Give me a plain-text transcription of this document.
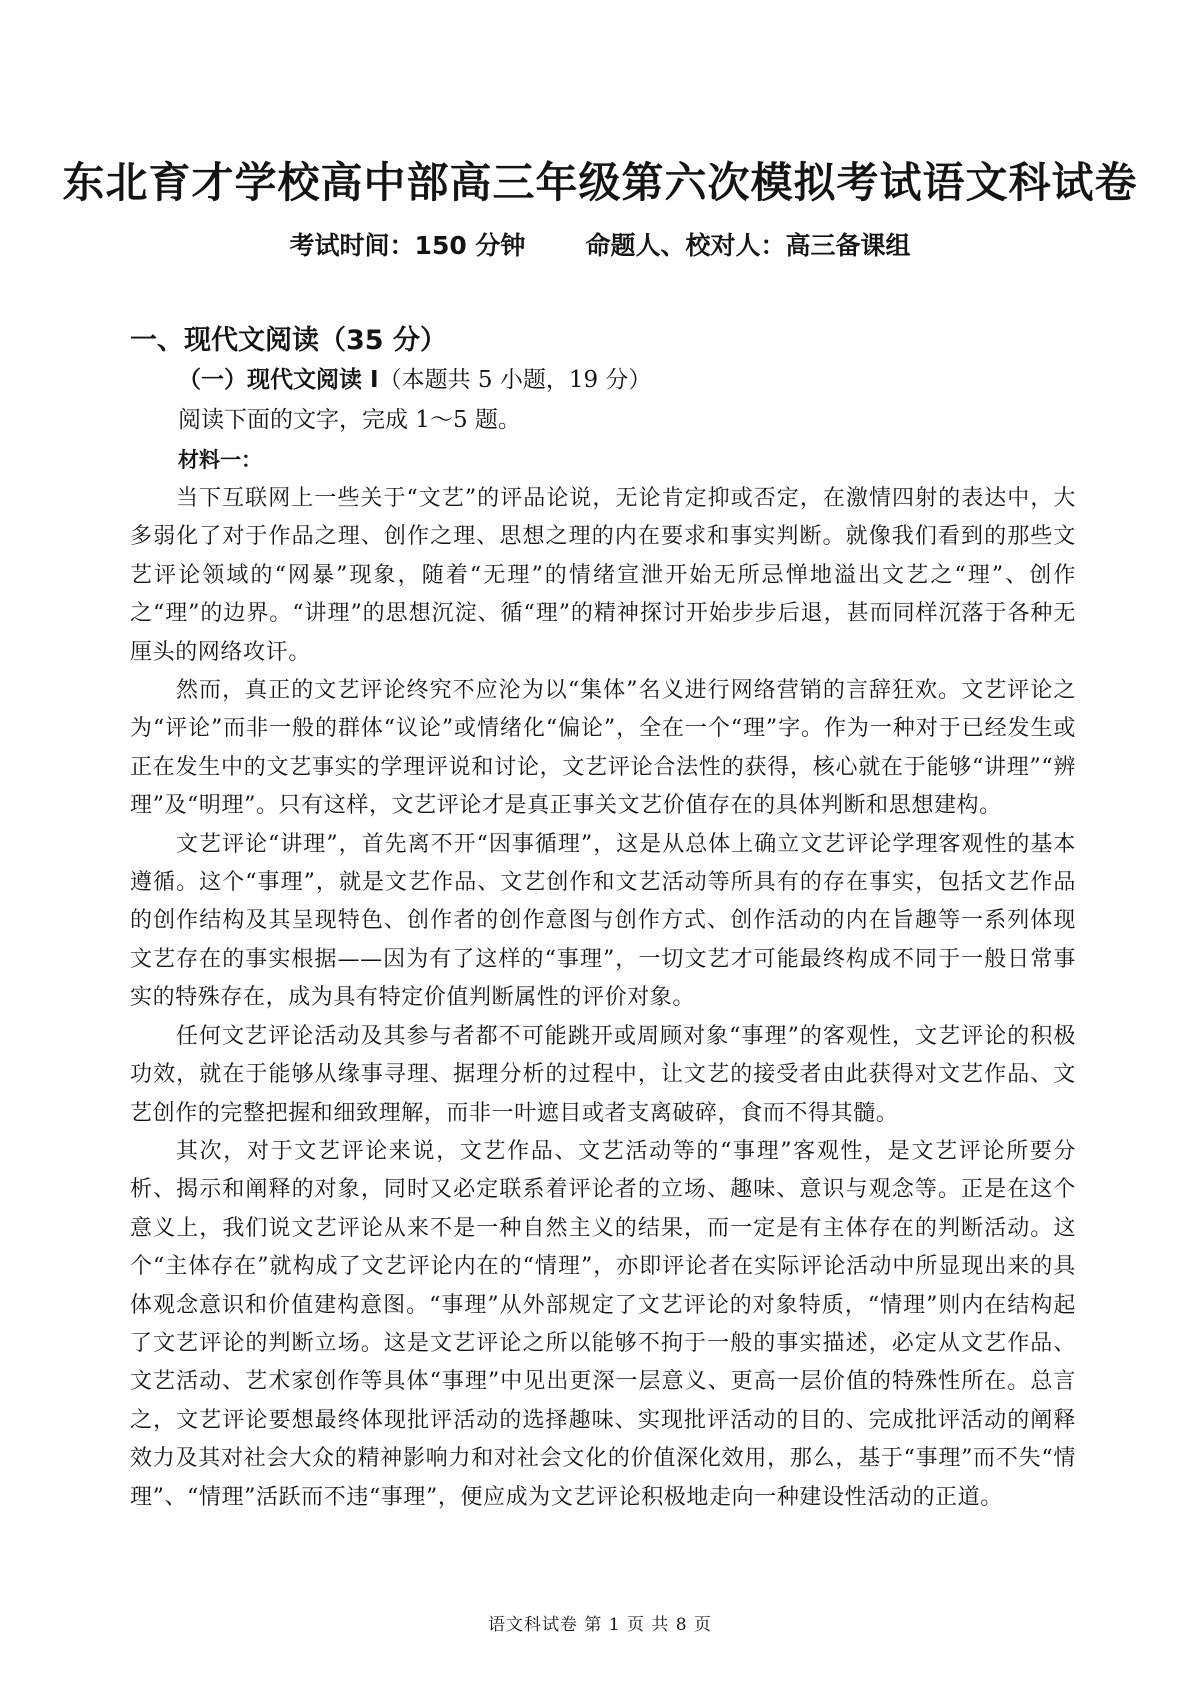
东北育才学校高中部高三年级第六次模拟考试语文科试卷
考试时间：150 分钟 命题人、校对人：高三备课组

一、现代文阅读（35 分）

（一）现代文阅读 I（本题共 5 小题，19 分）

阅读下面的文字，完成 1～5 题。

材料一：

当下互联网上一些关于“文艺”的评品论说，无论肯定抑或否定，在激情四射的表达中，大多弱化了对于作品之理、创作之理、思想之理的内在要求和事实判断。就像我们看到的那些文艺评论领域的“网暴”现象，随着“无理”的情绪宣泄开始无所忌惮地溢出文艺之“理”、创作之“理”的边界。“讲理”的思想沉淀、循“理”的精神探讨开始步步后退，甚而同样沉落于各种无厘头的网络攻讦。

然而，真正的文艺评论终究不应沦为以“集体”名义进行网络营销的言辞狂欢。文艺评论之为“评论”而非一般的群体“议论”或情绪化“偏论”，全在一个“理”字。作为一种对于已经发生或正在发生中的文艺事实的学理评说和讨论，文艺评论合法性的获得，核心就在于能够“讲理”“辨理”及“明理”。只有这样，文艺评论才是真正事关文艺价值存在的具体判断和思想建构。

文艺评论“讲理”，首先离不开“因事循理”，这是从总体上确立文艺评论学理客观性的基本遵循。这个“事理”，就是文艺作品、文艺创作和文艺活动等所具有的存在事实，包括文艺作品的创作结构及其呈现特色、创作者的创作意图与创作方式、创作活动的内在旨趣等一系列体现文艺存在的事实根据——因为有了这样的“事理”，一切文艺才可能最终构成不同于一般日常事实的特殊存在，成为具有特定价值判断属性的评价对象。

任何文艺评论活动及其参与者都不可能跳开或周顾对象“事理”的客观性，文艺评论的积极功效，就在于能够从缘事寻理、据理分析的过程中，让文艺的接受者由此获得对文艺作品、文艺创作的完整把握和细致理解，而非一叶遮目或者支离破碎，食而不得其髓。

其次，对于文艺评论来说，文艺作品、文艺活动等的“事理”客观性，是文艺评论所要分析、揭示和阐释的对象，同时又必定联系着评论者的立场、趣味、意识与观念等。正是在这个意义上，我们说文艺评论从来不是一种自然主义的结果，而一定是有主体存在的判断活动。这个“主体存在”就构成了文艺评论内在的“情理”，亦即评论者在实际评论活动中所显现出来的具体观念意识和价值建构意图。“事理”从外部规定了文艺评论的对象特质，“情理”则内在结构起了文艺评论的判断立场。这是文艺评论之所以能够不拘于一般的事实描述，必定从文艺作品、文艺活动、艺术家创作等具体“事理”中见出更深一层意义、更高一层价值的特殊性所在。总言之，文艺评论要想最终体现批评活动的选择趣味、实现批评活动的目的、完成批评活动的阐释效力及其对社会大众的精神影响力和对社会文化的价值深化效用，那么，基于“事理”而不失“情理”、“情理”活跃而不违“事理”，便应成为文艺评论积极地走向一种建设性活动的正道。

语文科试卷 第 1 页 共 8 页
